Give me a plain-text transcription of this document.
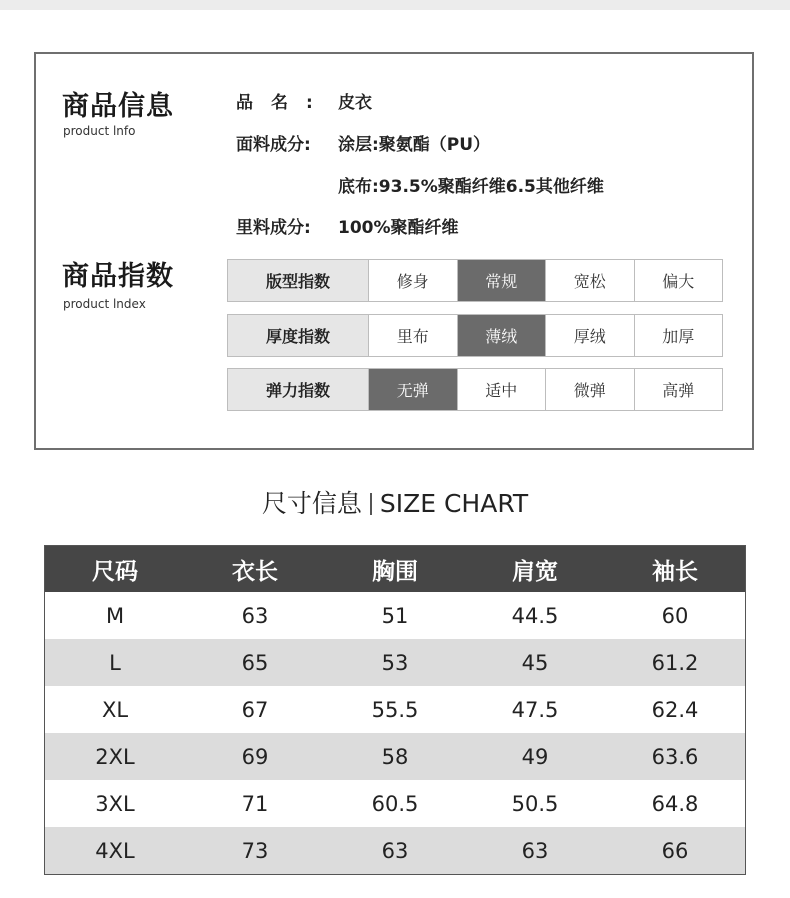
商品信息
product lnfo
品名: 皮衣
面料成分: 涂层:聚氨酯（PU）
底布:93.5%聚酯纤维6.5其他纤维
里料成分: 100%聚酯纤维
商品指数
product lndex
版型指数	修身	常规	宽松	偏大
厚度指数	里布	薄绒	厚绒	加厚
弹力指数	无弹	适中	微弹	高弹
尺寸信息 SIZE CHART
尺码	衣长	胸围	肩宽	袖长
M	63	51	44.5	60
L	65	53	45	61.2
XL	67	55.5	47.5	62.4
2XL	69	58	49	63.6
3XL	71	60.5	50.5	64.8
4XL	73	63	63	66
